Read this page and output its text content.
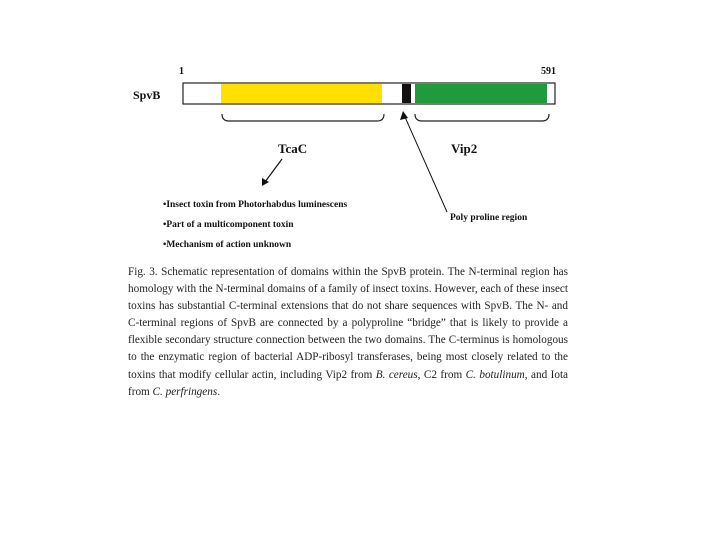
1	591
SpvB
TcaC	Vip2
Poly proline region
•Insect toxin from Photorhabdus luminescens
•Part of a multicomponent toxin
•Mechanism of action unknown

Fig. 3. Schematic representation of domains within the SpvB protein. The N-terminal region has homology with the N-terminal domains of a family of insect toxins. However, each of these insect toxins has substantial C-terminal extensions that do not share sequences with SpvB. The N- and C-terminal regions of SpvB are connected by a polyproline “bridge” that is likely to provide a flexible secondary structure connection between the two domains. The C-terminus is homologous to the enzymatic region of bacterial ADP-ribosyl transferases, being most closely related to the toxins that modify cellular actin, including Vip2 from B. cereus, C2 from C. botulinum, and Iota from C. perfringens.
